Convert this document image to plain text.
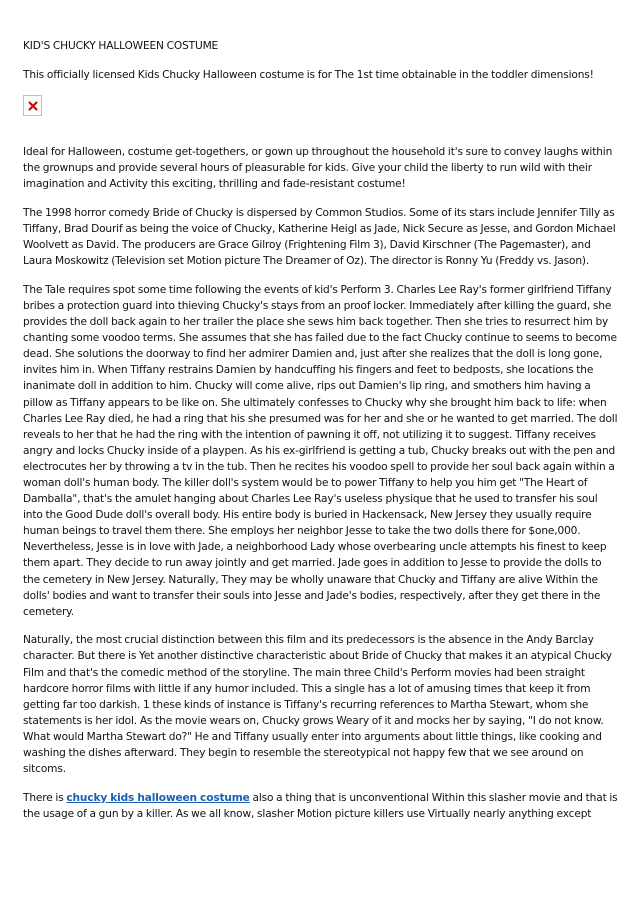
KID'S CHUCKY HALLOWEEN COSTUME

This officially licensed Kids Chucky Halloween costume is for The 1st time obtainable in the toddler dimensions!

Ideal for Halloween, costume get-togethers, or gown up throughout the household it's sure to convey laughs within the grownups and provide several hours of pleasurable for kids. Give your child the liberty to run wild with their imagination and Activity this exciting, thrilling and fade-resistant costume!

The 1998 horror comedy Bride of Chucky is dispersed by Common Studios. Some of its stars include Jennifer Tilly as Tiffany, Brad Dourif as being the voice of Chucky, Katherine Heigl as Jade, Nick Secure as Jesse, and Gordon Michael Woolvett as David. The producers are Grace Gilroy (Frightening Film 3), David Kirschner (The Pagemaster), and Laura Moskowitz (Television set Motion picture The Dreamer of Oz). The director is Ronny Yu (Freddy vs. Jason).

The Tale requires spot some time following the events of kid's Perform 3. Charles Lee Ray's former girlfriend Tiffany bribes a protection guard into thieving Chucky's stays from an proof locker. Immediately after killing the guard, she provides the doll back again to her trailer the place she sews him back together. Then she tries to resurrect him by chanting some voodoo terms. She assumes that she has failed due to the fact Chucky continue to seems to become dead. She solutions the doorway to find her admirer Damien and, just after she realizes that the doll is long gone, invites him in. When Tiffany restrains Damien by handcuffing his fingers and feet to bedposts, she locations the inanimate doll in addition to him. Chucky will come alive, rips out Damien's lip ring, and smothers him having a pillow as Tiffany appears to be like on. She ultimately confesses to Chucky why she brought him back to life: when Charles Lee Ray died, he had a ring that his she presumed was for her and she or he wanted to get married. The doll reveals to her that he had the ring with the intention of pawning it off, not utilizing it to suggest. Tiffany receives angry and locks Chucky inside of a playpen. As his ex-girlfriend is getting a tub, Chucky breaks out with the pen and electrocutes her by throwing a tv in the tub. Then he recites his voodoo spell to provide her soul back again within a woman doll's human body. The killer doll's system would be to power Tiffany to help you him get "The Heart of Damballa", that's the amulet hanging about Charles Lee Ray's useless physique that he used to transfer his soul into the Good Dude doll's overall body. His entire body is buried in Hackensack, New Jersey they usually require human beings to travel them there. She employs her neighbor Jesse to take the two dolls there for $one,000. Nevertheless, Jesse is in love with Jade, a neighborhood Lady whose overbearing uncle attempts his finest to keep them apart. They decide to run away jointly and get married. Jade goes in addition to Jesse to provide the dolls to the cemetery in New Jersey. Naturally, They may be wholly unaware that Chucky and Tiffany are alive Within the dolls' bodies and want to transfer their souls into Jesse and Jade's bodies, respectively, after they get there in the cemetery.

Naturally, the most crucial distinction between this film and its predecessors is the absence in the Andy Barclay character. But there is Yet another distinctive characteristic about Bride of Chucky that makes it an atypical Chucky Film and that's the comedic method of the storyline. The main three Child's Perform movies had been straight hardcore horror films with little if any humor included. This a single has a lot of amusing times that keep it from getting far too darkish. 1 these kinds of instance is Tiffany's recurring references to Martha Stewart, whom she statements is her idol. As the movie wears on, Chucky grows Weary of it and mocks her by saying, "I do not know. What would Martha Stewart do?" He and Tiffany usually enter into arguments about little things, like cooking and washing the dishes afterward. They begin to resemble the stereotypical not happy few that we see around on sitcoms.

There is chucky kids halloween costume also a thing that is unconventional Within this slasher movie and that is the usage of a gun by a killer. As we all know, slasher Motion picture killers use Virtually nearly anything except
